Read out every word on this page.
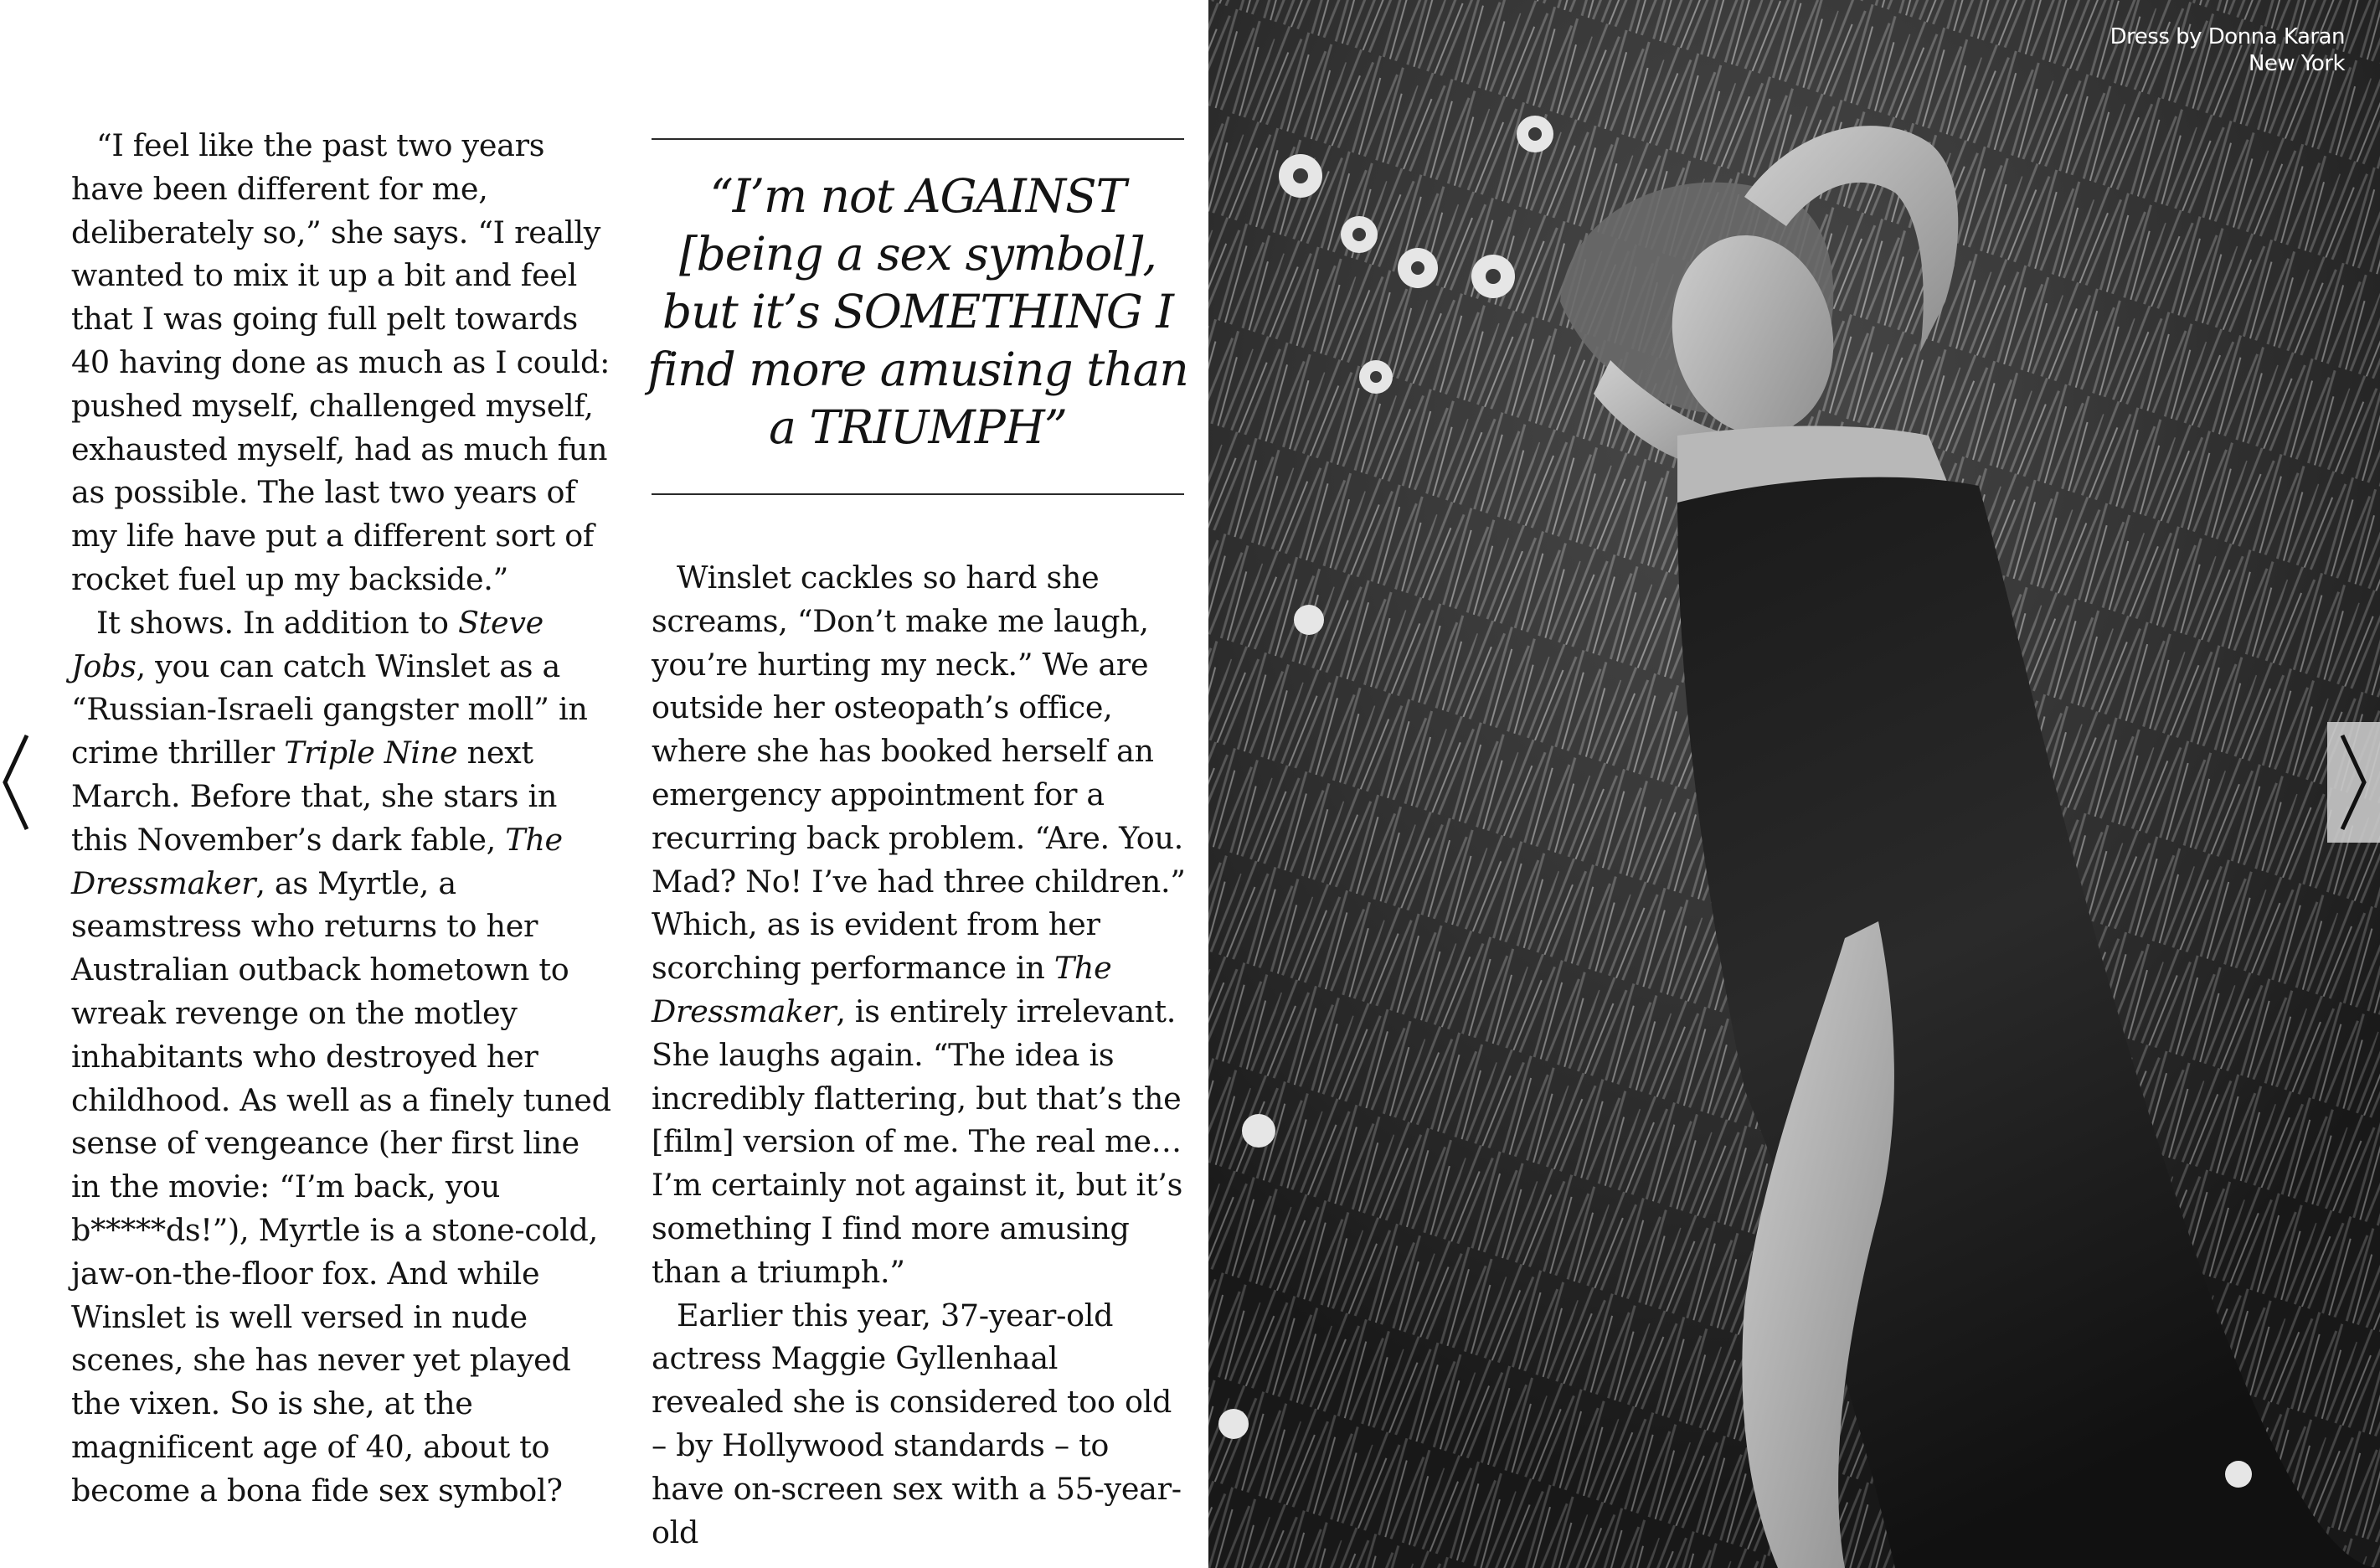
“I feel like the past two years have been different for me, deliberately so,” she says. “I really wanted to mix it up a bit and feel that I was going full pelt towards 40 having done as much as I could: pushed myself, challenged myself, exhausted myself, had as much fun as possible. The last two years of my life have put a different sort of rocket fuel up my backside.”

It shows. In addition to Steve Jobs, you can catch Winslet as a “Russian-Israeli gangster moll” in crime thriller Triple Nine next March. Before that, she stars in this November’s dark fable, The Dressmaker, as Myrtle, a seamstress who returns to her Australian outback hometown to wreak revenge on the motley inhabitants who destroyed her childhood. As well as a finely tuned sense of vengeance (her first line in the movie: “I’m back, you b*****ds!”), Myrtle is a stone-cold, jaw-on-the-floor fox. And while Winslet is well versed in nude scenes, she has never yet played the vixen. So is she, at the magnificent age of 40, about to become a bona fide sex symbol?

“I’m not AGAINST
[being a sex symbol],
but it’s SOMETHING I
find more amusing than
a TRIUMPH”

Winslet cackles so hard she screams, “Don’t make me laugh, you’re hurting my neck.” We are outside her osteopath’s office, where she has booked herself an emergency appointment for a recurring back problem. “Are. You. Mad? No! I’ve had three children.” Which, as is evident from her scorching performance in The Dressmaker, is entirely irrelevant. She laughs again. “The idea is incredibly flattering, but that’s the [film] version of me. The real me… I’m certainly not against it, but it’s something I find more amusing than a triumph.”

Earlier this year, 37-year-old actress Maggie Gyllenhaal revealed she is considered too old – by Hollywood standards – to have on-screen sex with a 55-year-old

Dress by Donna Karan
New York
